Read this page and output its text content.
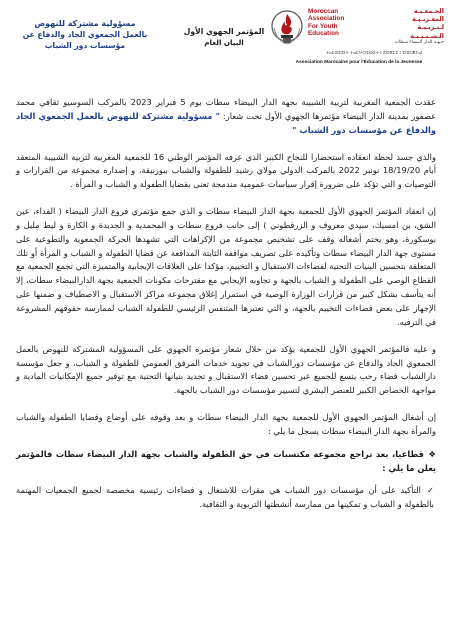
مسؤولية مشتركة للنهوض
بالعمل الجمعوي الجاد والدفاع عن
مؤسسات دور الشباب
المؤتمر الجهوي الأول
البيان العام
Moroccan
Association
For Youth
Education
الجـمعـيـة
المغـربـيـة
لـتـربـيـة
الـشـبـيـبـة
جـهـة الدار البيضاء سطات
ⵜⴰⵎⵙⵎⵓⵏⵜ ⵜⴰⵎⵖⵔⵉⴱⵉⵜ ⵏ ⵓⵙⴳⵎⵉ ⵏ ⵉⵏⴻⵎⵥⵢⴰⵏ
Association Marocaine pour l'Éducation de la Jeunesse

عقدت الجمعية المغربية لتربية الشبيبة بجهة الدار البيضاء سطات يوم 5 فبراير 2023 بالمركب السوسيو ثقافي محمد عصفور بمدينة الدار البيضاء مؤتمرها الجهوي الأول تحت شعار: " مسؤولية مشتركة للنهوض بالعمل الجمعوي الجاد والدفاع عن مؤسسات دور الشباب "

والذي جسد لحظة انعقاده استحضارا للنجاح الكبير الذي عرفه المؤتمر الوطني 16 للجمعية المغربية لتربية الشبيبة المنعقد أيام 18/19/20 نونبر 2022 بالمركب الدولي مولاي رشيد للطفولة والشباب ببوزنيقة، و إصداره مجموعة من القرارات و التوصيات و التي تؤكد على ضرورة إقرار سياسات عمومية مندمجة تعنى بقضايا الطفولة و الشباب و المرأة .

إن انعقاد المؤتمر الجهوي الأول للجمعية بجهة الدار البيضاء سطات و الذي جمع مؤتمري فروع الدار البيضاء ( الفداء، عين الشق، بن امسيك، سيدي معروف و الزرقطوني ) إلى جانب فروع سطات و المحمدية و الجديدة و الكارة و ليط مليل و بوسكورة، وهو يختم أشغاله وقف على تشخيص مجموعة من الإكراهات التي تشهدها الحركة الجمعوية والتطوعية على مستوى جهة الدار البيضاء سطات وتأكيده على تصريف مواقفه الثابتة المدافعة عن قضايا الطفولة و الشباب و المرأة أو تلك المتعلقة بتحسين البنيات التحتية لفضاءات الاستقبال و التخييم، مؤكدا على العلاقات الإيجابية والمتميزة التي تجمع الجمعية مع القطاع الوصي على الطفولة و الشباب بالجهة و تجاوبه الإيجابي مع مقترحات مكونات الجمعية بجهة الدارالبيضاء سطات، إلا أنه يتأسف بشكل كبير من قرارات الوزارة الوصية في استمرار إغلاق مجموعة مراكز الاستقبال و الاصطياف و ضمنها على الإجهاز على بعض فضاءات التخييم بالجهة، و التي تعتبرها المتنفس الرئيسي للطفولة الشباب لممارسة حقوقهم المشروعة في الترفيه.

و عليه فالمؤتمر الجهوي الأول للجمعية يؤكد من خلال شعار مؤتمره الجهوي على المسؤولية المشتركة للنهوض بالعمل الجمعوي الجاد والدفاع عن مؤسسات دورالشباب في تجويد خدمات المرفق العمومي للطفولة و الشباب، و جعل مؤسسة دارالشباب فضاء رحب ينسع للجميع عبر تحسين فضاء الاستقبال و تجديد بنيانها التحتية مع توفير جميع الإمكانيات المادية و مواجهة الخصاص الكبير للعنصر البشري لتسيير مؤسسات دور الشباب بالجهة.

إن أشغال المؤتمر الجهوي الأول للجمعية بجهة الدار البيضاء سطات و بعد وقوفه على أوضاع وقضايا الطفولة والشباب والمرأة بجهة الدار البيضاء سطات يسجل ما يلي :

❖قطاعيا، بعد تراجع مجموعة مكتسبات في حق الطفولة والشباب بجهة الدار البيضاء سطات فالمؤتمر يعلن ما يلي :

✓التأكيد على أن مؤسسات دور الشباب هي مقرات للاشتغال و فضاءات رئيسية مخصصة لجميع الجمعيات المهتمة بالطفولة و الشباب و تمكينها من ممارسة أنشطتها التربوية و الثقافية.
